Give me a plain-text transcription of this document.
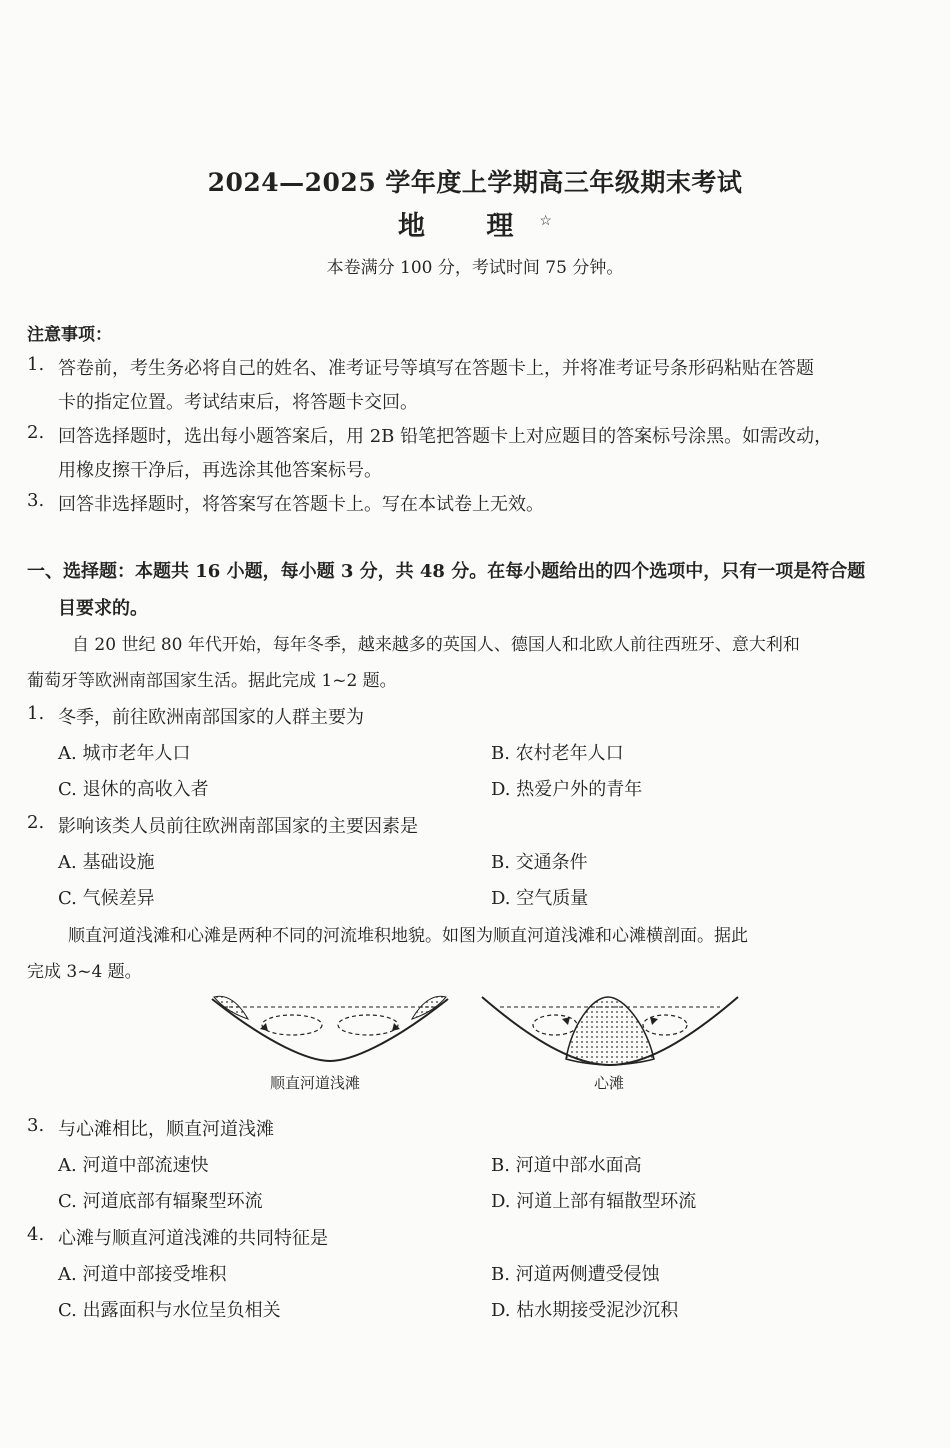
2024—2025 学年度上学期高三年级期末考试
地 理☆
本卷满分 100 分，考试时间 75 分钟。
注意事项：
1. 答卷前，考生务必将自己的姓名、准考证号等填写在答题卡上，并将准考证号条形码粘贴在答题
卡的指定位置。考试结束后，将答题卡交回。
2. 回答选择题时，选出每小题答案后，用 2B 铅笔把答题卡上对应题目的答案标号涂黑。如需改动，
用橡皮擦干净后，再选涂其他答案标号。
3. 回答非选择题时，将答案写在答题卡上。写在本试卷上无效。
一、选择题：本题共 16 小题，每小题 3 分，共 48 分。在每小题给出的四个选项中，只有一项是符合题
目要求的。
自 20 世纪 80 年代开始，每年冬季，越来越多的英国人、德国人和北欧人前往西班牙、意大利和
葡萄牙等欧洲南部国家生活。据此完成 1~2 题。
1. 冬季，前往欧洲南部国家的人群主要为
A. 城市老年人口	B. 农村老年人口
C. 退休的高收入者	D. 热爱户外的青年
2. 影响该类人员前往欧洲南部国家的主要因素是
A. 基础设施	B. 交通条件
C. 气候差异	D. 空气质量
顺直河道浅滩和心滩是两种不同的河流堆积地貌。如图为顺直河道浅滩和心滩横剖面。据此
完成 3~4 题。
顺直河道浅滩	心滩
3. 与心滩相比，顺直河道浅滩
A. 河道中部流速快	B. 河道中部水面高
C. 河道底部有辐聚型环流	D. 河道上部有辐散型环流
4. 心滩与顺直河道浅滩的共同特征是
A. 河道中部接受堆积	B. 河道两侧遭受侵蚀
C. 出露面积与水位呈负相关	D. 枯水期接受泥沙沉积
